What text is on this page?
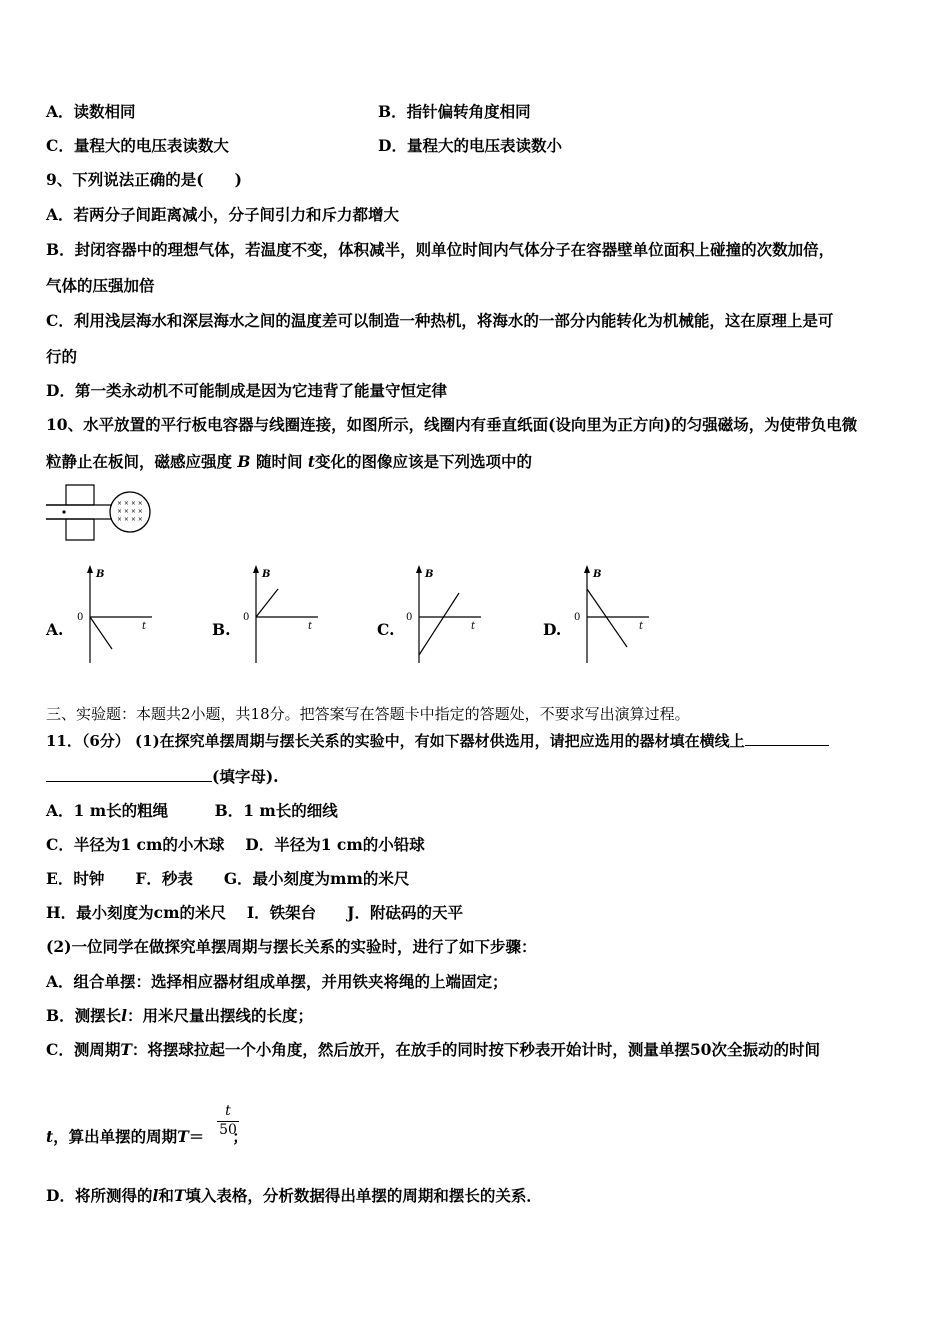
A．读数相同	B．指针偏转角度相同
C．量程大的电压表读数大	D．量程大的电压表读数小
9、下列说法正确的是(　　)
A．若两分子间距离减小，分子间引力和斥力都增大
B．封闭容器中的理想气体，若温度不变，体积减半，则单位时间内气体分子在容器壁单位面积上碰撞的次数加倍，
气体的压强加倍
C．利用浅层海水和深层海水之间的温度差可以制造一种热机，将海水的一部分内能转化为机械能，这在原理上是可
行的
D．第一类永动机不可能制成是因为它违背了能量守恒定律
10、水平放置的平行板电容器与线圈连接，如图所示，线圈内有垂直纸面(设向里为正方向)的匀强磁场，为使带负电微
粒静止在板间，磁感应强度 B 随时间 t变化的图像应该是下列选项中的
× × × ×
× × × ×
× × × ×
A.
B
0
t	B.
B
0
t	C.
B
0
t	D.
B
0
t
三、实验题：本题共2小题，共18分。把答案写在答题卡中指定的答题处，不要求写出演算过程。
11．（6分） (1)在探究单摆周期与摆长关系的实验中，有如下器材供选用，请把应选用的器材填在横线上
(填字母).
A．1 m长的粗绳　　　B．1 m长的细线
C．半径为1 cm的小木球　 D．半径为1 cm的小铅球
E．时钟　　F．秒表　　G．最小刻度为mm的米尺
H．最小刻度为cm的米尺　 I．铁架台　　J．附砝码的天平
(2)一位同学在做探究单摆周期与摆长关系的实验时，进行了如下步骤：
A．组合单摆：选择相应器材组成单摆，并用铁夹将绳的上端固定；
B．测摆长l：用米尺量出摆线的长度；
C．测周期T：将摆球拉起一个小角度，然后放开，在放手的同时按下秒表开始计时，测量单摆50次全振动的时间
t，算出单摆的周期T＝ ；
t
50
D．将所测得的l和T填入表格，分析数据得出单摆的周期和摆长的关系．
